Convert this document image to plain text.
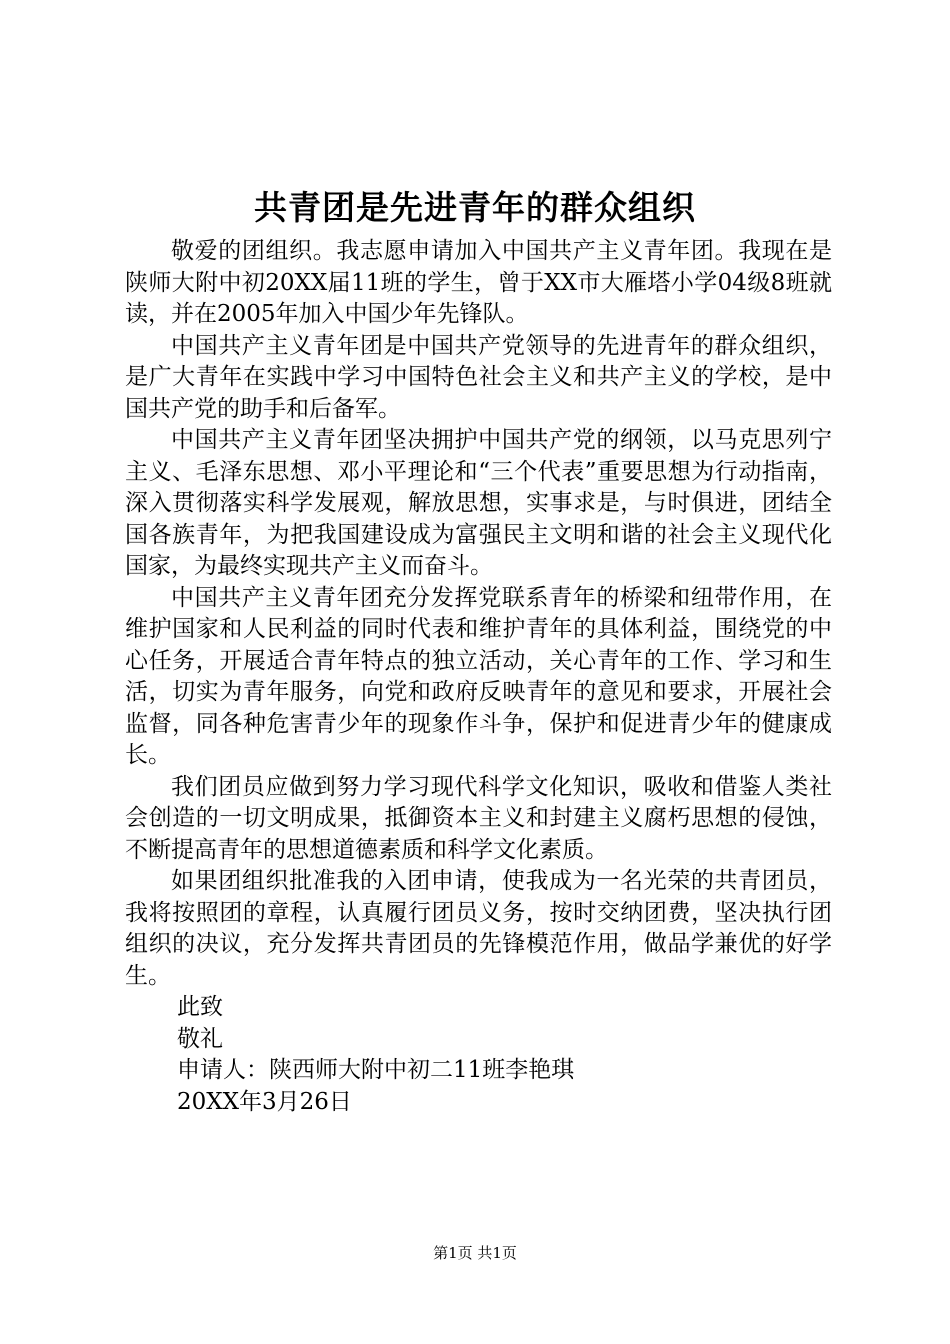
共青团是先进青年的群众组织

敬爱的团组织。我志愿申请加入中国共产主义青年团。我现在是陕师大附中初20XX届11班的学生，曾于XX市大雁塔小学04级8班就读，并在2005年加入中国少年先锋队。

中国共产主义青年团是中国共产党领导的先进青年的群众组织，是广大青年在实践中学习中国特色社会主义和共产主义的学校，是中国共产党的助手和后备军。

中国共产主义青年团坚决拥护中国共产党的纲领，以马克思列宁主义、毛泽东思想、邓小平理论和“三个代表”重要思想为行动指南，深入贯彻落实科学发展观，解放思想，实事求是，与时俱进，团结全国各族青年，为把我国建设成为富强民主文明和谐的社会主义现代化国家，为最终实现共产主义而奋斗。

中国共产主义青年团充分发挥党联系青年的桥梁和纽带作用，在维护国家和人民利益的同时代表和维护青年的具体利益，围绕党的中心任务，开展适合青年特点的独立活动，关心青年的工作、学习和生活，切实为青年服务，向党和政府反映青年的意见和要求，开展社会监督，同各种危害青少年的现象作斗争，保护和促进青少年的健康成长。

我们团员应做到努力学习现代科学文化知识，吸收和借鉴人类社会创造的一切文明成果，抵御资本主义和封建主义腐朽思想的侵蚀，不断提高青年的思想道德素质和科学文化素质。

如果团组织批准我的入团申请，使我成为一名光荣的共青团员，我将按照团的章程，认真履行团员义务，按时交纳团费，坚决执行团组织的决议，充分发挥共青团员的先锋模范作用，做品学兼优的好学生。

此致

敬礼

申请人：陕西师大附中初二11班李艳琪

20XX年3月26日

第1页 共1页
